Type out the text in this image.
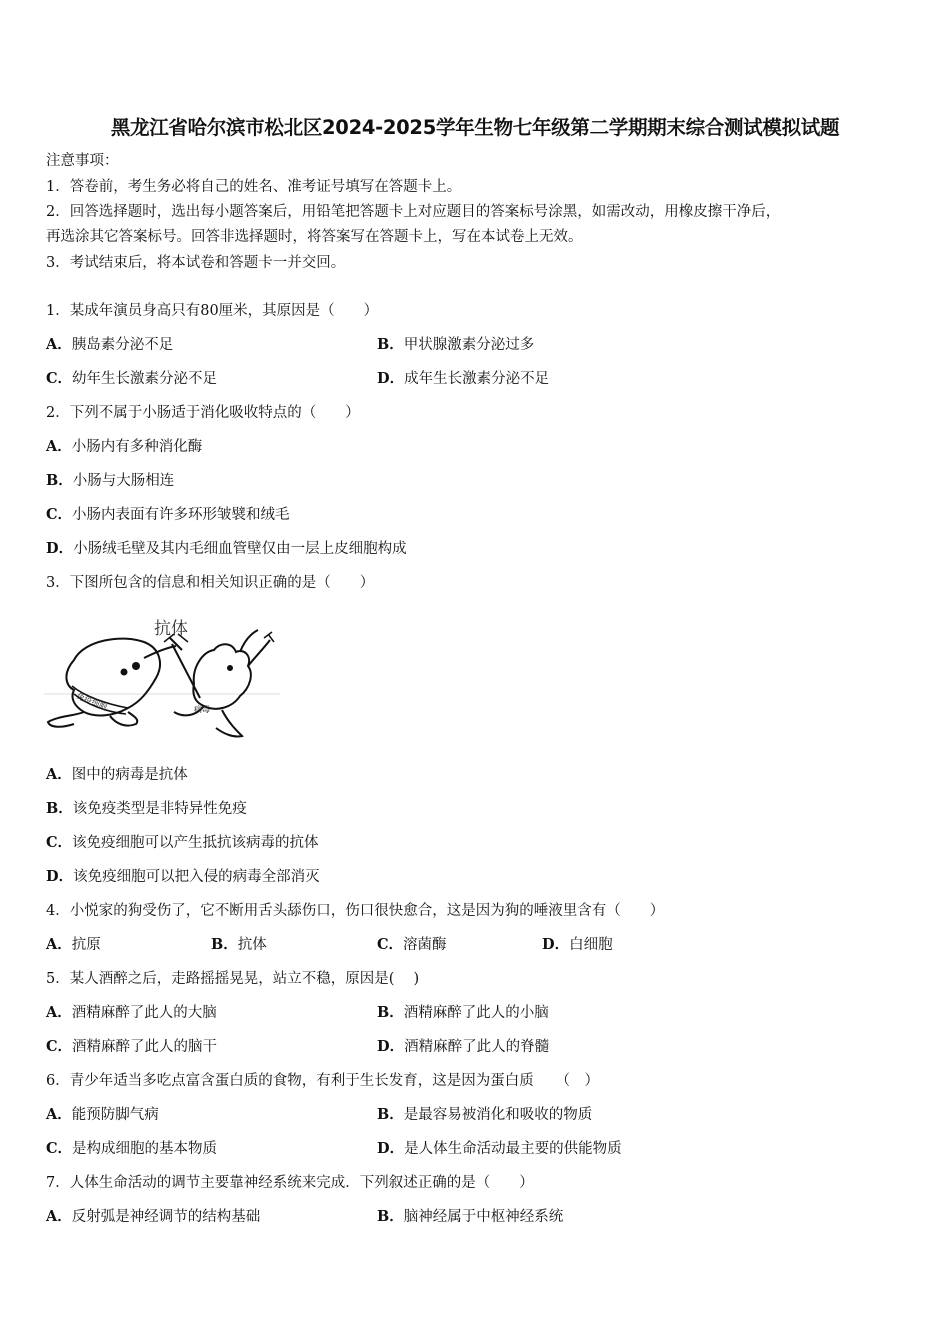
黑龙江省哈尔滨市松北区2024-2025学年生物七年级第二学期期末综合测试模拟试题
注意事项：
1．答卷前，考生务必将自己的姓名、准考证号填写在答题卡上。
2．回答选择题时，选出每小题答案后，用铅笔把答题卡上对应题目的答案标号涂黑，如需改动，用橡皮擦干净后，
再选涂其它答案标号。回答非选择题时，将答案写在答题卡上，写在本试卷上无效。
3．考试结束后，将本试卷和答题卡一并交回。
1．某成年演员身高只有80厘米，其原因是（　　）
A．胰岛素分泌不足	B．甲状腺激素分泌过多
C．幼年生长激素分泌不足	D．成年生长激素分泌不足
2．下列不属于小肠适于消化吸收特点的（　　）
A．小肠内有多种消化酶
B．小肠与大肠相连
C．小肠内表面有许多环形皱襞和绒毛
D．小肠绒毛壁及其内毛细血管壁仅由一层上皮细胞构成
3．下图所包含的信息和相关知识正确的是（　　）
抗体
免疫细胞	病毒
A．图中的病毒是抗体
B．该免疫类型是非特异性免疫
C．该免疫细胞可以产生抵抗该病毒的抗体
D．该免疫细胞可以把入侵的病毒全部消灭
4．小悦家的狗受伤了，它不断用舌头舔伤口，伤口很快愈合，这是因为狗的唾液里含有（　　）
A．抗原	B．抗体	C．溶菌酶	D．白细胞
5．某人酒醉之后，走路摇摇晃晃，站立不稳，原因是(　 )
A．酒精麻醉了此人的大脑	B．酒精麻醉了此人的小脑
C．酒精麻醉了此人的脑干	D．酒精麻醉了此人的脊髓
6．青少年适当多吃点富含蛋白质的食物，有利于生长发育，这是因为蛋白质　　（　）
A．能预防脚气病	B．是最容易被消化和吸收的物质
C．是构成细胞的基本物质	D．是人体生命活动最主要的供能物质
7．人体生命活动的调节主要靠神经系统来完成．下列叙述正确的是（　　）
A．反射弧是神经调节的结构基础	B．脑神经属于中枢神经系统
